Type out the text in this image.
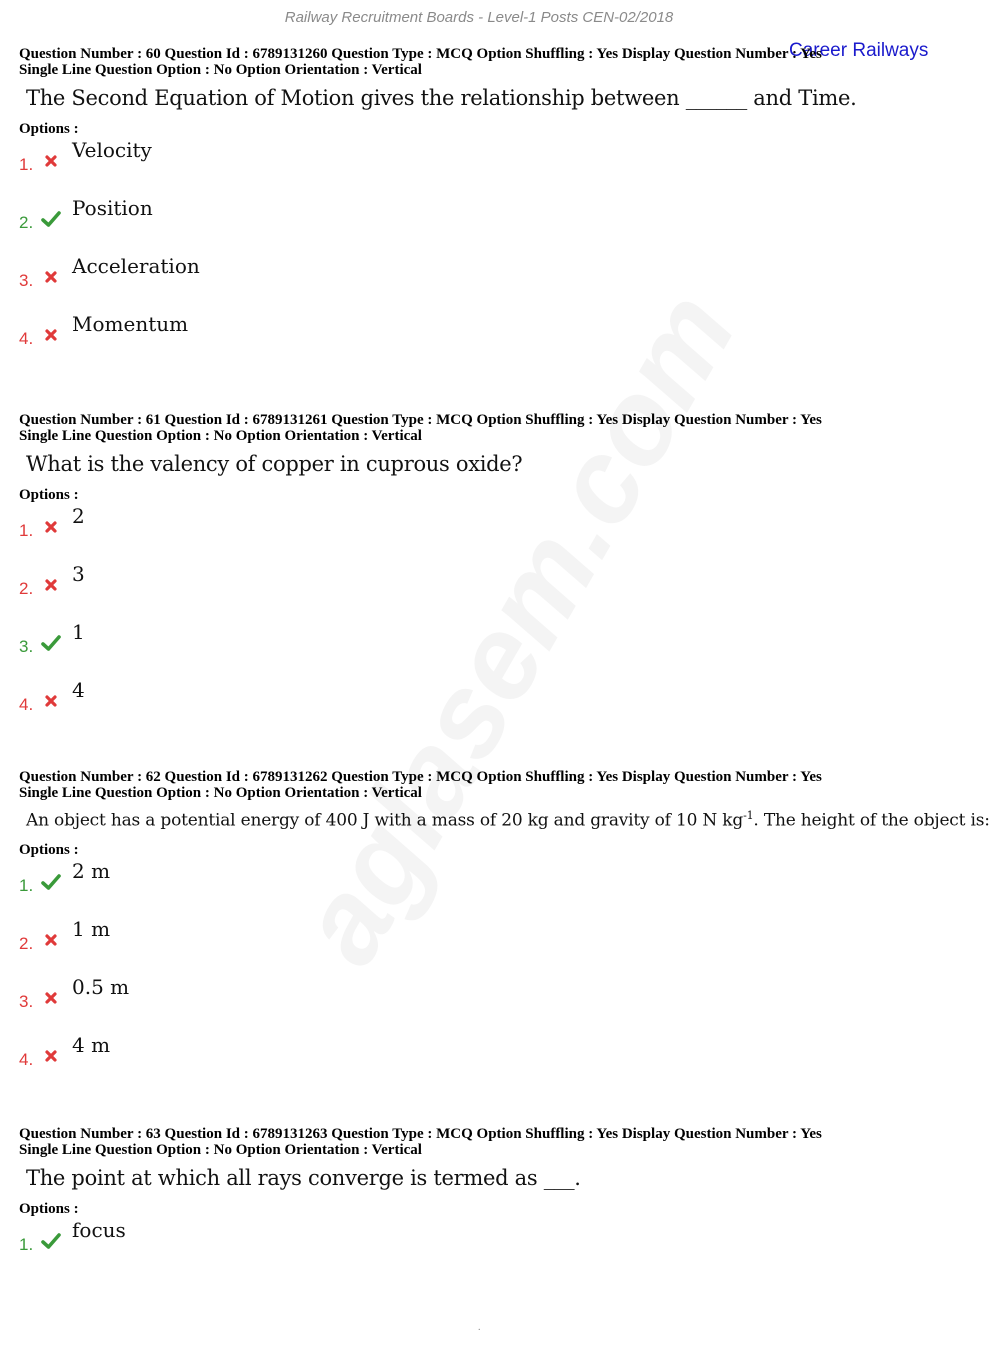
Railway Recruitment Boards - Level-1 Posts CEN-02/2018
Career Railways
Question Number : 60 Question Id : 6789131260 Question Type : MCQ Option Shuffling : Yes Display Question Number : Yes
Single Line Question Option : No Option Orientation : Vertical
The Second Equation of Motion gives the relationship between ______ and Time.
Options :
1.
Velocity
2.
Position
3.
Acceleration
4.
Momentum
Question Number : 61 Question Id : 6789131261 Question Type : MCQ Option Shuffling : Yes Display Question Number : Yes
Single Line Question Option : No Option Orientation : Vertical
What is the valency of copper in cuprous oxide?
Options :
1.
2
2.
3
3.
1
4.
4
Question Number : 62 Question Id : 6789131262 Question Type : MCQ Option Shuffling : Yes Display Question Number : Yes
Single Line Question Option : No Option Orientation : Vertical
An object has a potential energy of 400 J with a mass of 20 kg and gravity of 10 N $kg^{-1}$. The height of the object is:
Options :
1.
2 m
2.
1 m
3.
0.5 m
4.
4 m
Question Number : 63 Question Id : 6789131263 Question Type : MCQ Option Shuffling : Yes Display Question Number : Yes
Single Line Question Option : No Option Orientation : Vertical
The point at which all rays converge is termed as ___.
Options :
1.
focus
.
